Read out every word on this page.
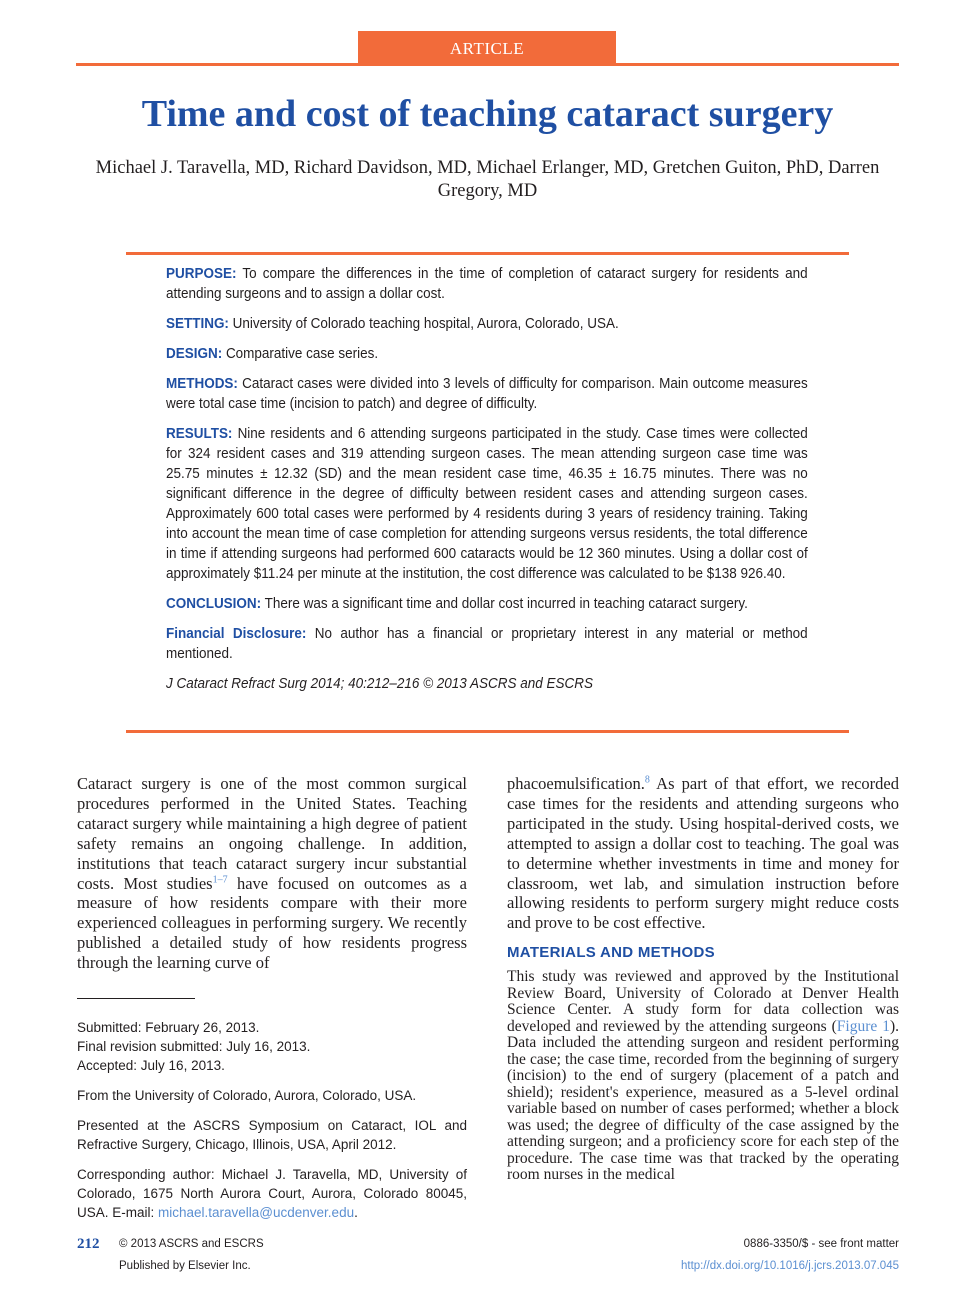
ARTICLE
Time and cost of teaching cataract surgery
Michael J. Taravella, MD, Richard Davidson, MD, Michael Erlanger, MD, Gretchen Guiton, PhD, Darren Gregory, MD

PURPOSE: To compare the differences in the time of completion of cataract surgery for residents and attending surgeons and to assign a dollar cost.

SETTING: University of Colorado teaching hospital, Aurora, Colorado, USA.

DESIGN: Comparative case series.

METHODS: Cataract cases were divided into 3 levels of difficulty for comparison. Main outcome measures were total case time (incision to patch) and degree of difficulty.

RESULTS: Nine residents and 6 attending surgeons participated in the study. Case times were collected for 324 resident cases and 319 attending surgeon cases. The mean attending surgeon case time was 25.75 minutes ± 12.32 (SD) and the mean resident case time, 46.35 ± 16.75 minutes. There was no significant difference in the degree of difficulty between resident cases and attending surgeon cases. Approximately 600 total cases were performed by 4 residents during 3 years of residency training. Taking into account the mean time of case completion for attending surgeons versus residents, the total difference in time if attending surgeons had performed 600 cataracts would be 12 360 minutes. Using a dollar cost of approximately $11.24 per minute at the institution, the cost difference was calculated to be $138 926.40.

CONCLUSION: There was a significant time and dollar cost incurred in teaching cataract surgery.

Financial Disclosure: No author has a financial or proprietary interest in any material or method mentioned.

J Cataract Refract Surg 2014; 40:212–216 © 2013 ASCRS and ESCRS

Cataract surgery is one of the most common surgical procedures performed in the United States. Teaching cataract surgery while maintaining a high degree of patient safety remains an ongoing challenge. In addition, institutions that teach cataract surgery incur substantial costs. Most studies$^{1-7}$ have focused on outcomes as a measure of how residents compare with their more experienced colleagues in performing surgery. We recently published a detailed study of how residents progress through the learning curve of

phacoemulsification.$^8$ As part of that effort, we recorded case times for the residents and attending surgeons who participated in the study. Using hospital-derived costs, we attempted to assign a dollar cost to teaching. The goal was to determine whether investments in time and money for classroom, wet lab, and simulation instruction before allowing residents to perform surgery might reduce costs and prove to be cost effective.

MATERIALS AND METHODS

This study was reviewed and approved by the Institutional Review Board, University of Colorado at Denver Health Science Center. A study form for data collection was developed and reviewed by the attending surgeons (Figure 1). Data included the attending surgeon and resident performing the case; the case time, recorded from the beginning of surgery (incision) to the end of surgery (placement of a patch and shield); resident's experience, measured as a 5-level ordinal variable based on number of cases performed; whether a block was used; the degree of difficulty of the case assigned by the attending surgeon; and a proficiency score for each step of the procedure. The case time was that tracked by the operating room nurses in the medical

Submitted: February 26, 2013.
Final revision submitted: July 16, 2013.
Accepted: July 16, 2013.
From the University of Colorado, Aurora, Colorado, USA.
Presented at the ASCRS Symposium on Cataract, IOL and Refractive Surgery, Chicago, Illinois, USA, April 2012.
Corresponding author: Michael J. Taravella, MD, University of Colorado, 1675 North Aurora Court, Aurora, Colorado 80045, USA. E-mail: michael.taravella@ucdenver.edu.
212 © 2013 ASCRS and ESCRS
Published by Elsevier Inc.
0886-3350/$ - see front matter
http://dx.doi.org/10.1016/j.jcrs.2013.07.045
